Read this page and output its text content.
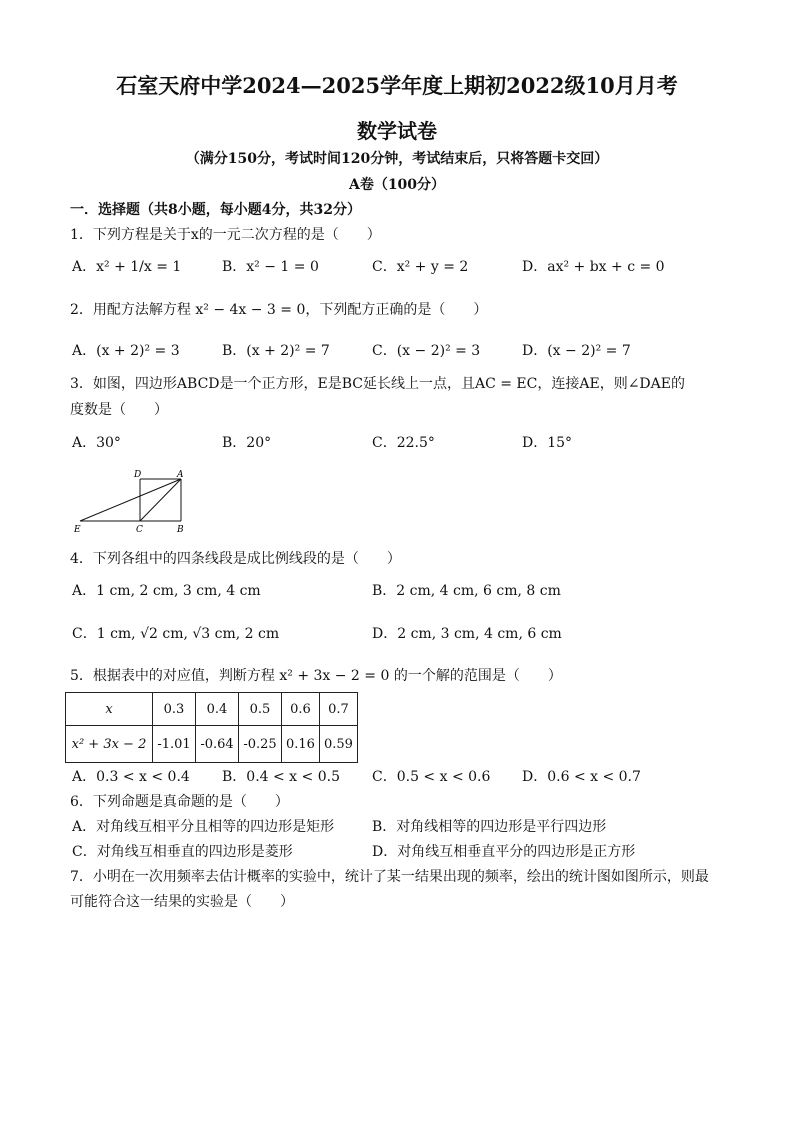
石室天府中学2024—2025学年度上期初2022级10月月考
数学试卷
（满分150分，考试时间120分钟，考试结束后，只将答题卡交回）
A卷（100分）
一．选择题（共8小题，每小题4分，共32分）
1．下列方程是关于x的一元二次方程的是（　　）
A．x² + 1/x = 1	B．x² − 1 = 0	C．x² + y = 2	D．ax² + bx + c = 0
2．用配方法解方程 x² − 4x − 3 = 0，下列配方正确的是（　　）
A．(x + 2)² = 3	B．(x + 2)² = 7	C．(x − 2)² = 3	D．(x − 2)² = 7
3．如图，四边形ABCD是一个正方形，E是BC延长线上一点，且AC = EC，连接AE，则∠DAE的
度数是（　　）
A．30°	B．20°	C．22.5°	D．15°
D	A
E	C	B
4．下列各组中的四条线段是成比例线段的是（　　）
A．1 cm, 2 cm, 3 cm, 4 cm	B．2 cm, 4 cm, 6 cm, 8 cm
C．1 cm, √2 cm, √3 cm, 2 cm	D．2 cm, 3 cm, 4 cm, 6 cm
5．根据表中的对应值，判断方程 x² + 3x − 2 = 0 的一个解的范围是（　　）
x	0.3	0.4	0.5	0.6	0.7
x² + 3x − 2	-1.01	-0.64	-0.25	0.16	0.59
A．0.3 < x < 0.4 B．0.4 < x < 0.5 C．0.5 < x < 0.6 D．0.6 < x < 0.7
6．下列命题是真命题的是（　　）
A．对角线互相平分且相等的四边形是矩形	B．对角线相等的四边形是平行四边形
C．对角线互相垂直的四边形是菱形	D．对角线互相垂直平分的四边形是正方形
7．小明在一次用频率去估计概率的实验中，统计了某一结果出现的频率，绘出的统计图如图所示，则最
可能符合这一结果的实验是（　　）
